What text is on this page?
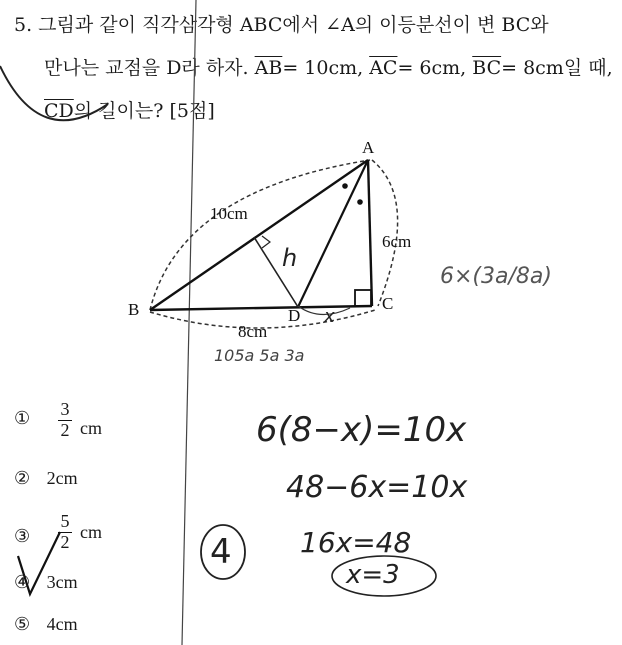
5. 그림과 같이 직각삼각형 ABC에서 ∠A의 이등분선이 변 BC와
만나는 교점을 D라 하자. $\overline{AB}= 10cm$, $\overline{AC}= 6cm$, $\overline{BC}= 8cm$일 때,
$\overline{CD}$의 길이는? [5점]
A
B	C
D
10cm
6cm
8cm
h
x
105a 5a 3a
6×(3a/8a)
① 3
2 cm
② 2cm
③
5
2 cm
④ 3cm
⑤ 4cm
6(8−x)=10x
48−6x=10x
16x=48
x=3
4
